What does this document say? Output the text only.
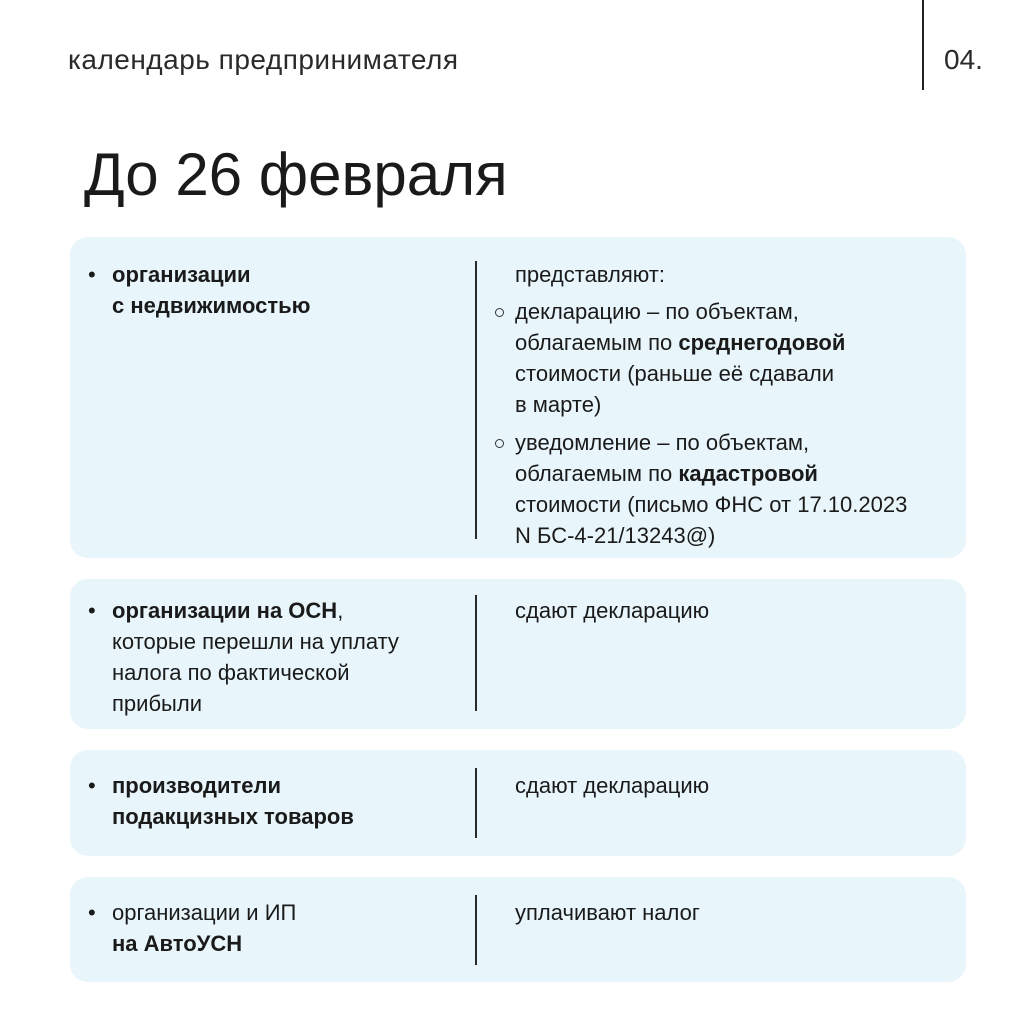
календарь предпринимателя	04.
До 26 февраля
• организации
с недвижимостью
представляют:
декларацию – по объектам,
облагаемым по среднегодовой
стоимости (раньше её сдавали
в марте)
уведомление – по объектам,
облагаемым по кадастровой
стоимости (письмо ФНС от 17.10.2023
N БС-4-21/13243@)
• организации на ОСН,
которые перешли на уплату
налога по фактической
прибыли
сдают декларацию
• производители
подакцизных товаров
сдают декларацию
• организации и ИП
на АвтоУСН
уплачивают налог
